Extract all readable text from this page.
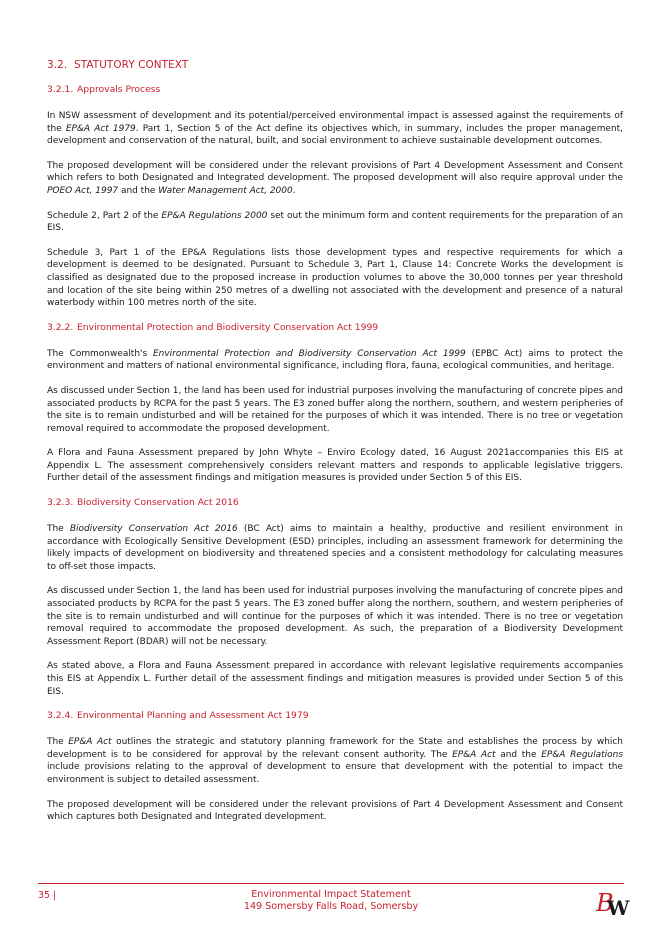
3.2. STATUTORY CONTEXT
3.2.1. Approvals Process

In NSW assessment of development and its potential/perceived environmental impact is assessed against the requirements of the EP&A Act 1979. Part 1, Section 5 of the Act define its objectives which, in summary, includes the proper management, development and conservation of the natural, built, and social environment to achieve sustainable development outcomes.

The proposed development will be considered under the relevant provisions of Part 4 Development Assessment and Consent which refers to both Designated and Integrated development. The proposed development will also require approval under the POEO Act, 1997 and the Water Management Act, 2000.

Schedule 2, Part 2 of the EP&A Regulations 2000 set out the minimum form and content requirements for the preparation of an EIS.

Schedule 3, Part 1 of the EP&A Regulations lists those development types and respective requirements for which a development is deemed to be designated. Pursuant to Schedule 3, Part 1, Clause 14: Concrete Works the development is classified as designated due to the proposed increase in production volumes to above the 30,000 tonnes per year threshold and location of the site being within 250 metres of a dwelling not associated with the development and presence of a natural waterbody within 100 metres north of the site.

3.2.2. Environmental Protection and Biodiversity Conservation Act 1999

The Commonwealth's Environmental Protection and Biodiversity Conservation Act 1999 (EPBC Act) aims to protect the environment and matters of national environmental significance, including flora, fauna, ecological communities, and heritage.

As discussed under Section 1, the land has been used for industrial purposes involving the manufacturing of concrete pipes and associated products by RCPA for the past 5 years. The E3 zoned buffer along the northern, southern, and western peripheries of the site is to remain undisturbed and will be retained for the purposes of which it was intended. There is no tree or vegetation removal required to accommodate the proposed development.

A Flora and Fauna Assessment prepared by John Whyte – Enviro Ecology dated, 16 August 2021accompanies this EIS at Appendix L. The assessment comprehensively considers relevant matters and responds to applicable legislative triggers. Further detail of the assessment findings and mitigation measures is provided under Section 5 of this EIS.

3.2.3. Biodiversity Conservation Act 2016

The Biodiversity Conservation Act 2016 (BC Act) aims to maintain a healthy, productive and resilient environment in accordance with Ecologically Sensitive Development (ESD) principles, including an assessment framework for determining the likely impacts of development on biodiversity and threatened species and a consistent methodology for calculating measures to off-set those impacts.

As discussed under Section 1, the land has been used for industrial purposes involving the manufacturing of concrete pipes and associated products by RCPA for the past 5 years. The E3 zoned buffer along the northern, southern, and western peripheries of the site is to remain undisturbed and will continue for the purposes of which it was intended. There is no tree or vegetation removal required to accommodate the proposed development. As such, the preparation of a Biodiversity Development Assessment Report (BDAR) will not be necessary.

As stated above, a Flora and Fauna Assessment prepared in accordance with relevant legislative requirements accompanies this EIS at Appendix L. Further detail of the assessment findings and mitigation measures is provided under Section 5 of this EIS.

3.2.4. Environmental Planning and Assessment Act 1979

The EP&A Act outlines the strategic and statutory planning framework for the State and establishes the process by which development is to be considered for approval by the relevant consent authority. The EP&A Act and the EP&A Regulations include provisions relating to the approval of development to ensure that development with the potential to impact the environment is subject to detailed assessment.

The proposed development will be considered under the relevant provisions of Part 4 Development Assessment and Consent which captures both Designated and Integrated development.

35 |	Environmental Impact Statement
149 Somersby Falls Road, Somersby	B
W
